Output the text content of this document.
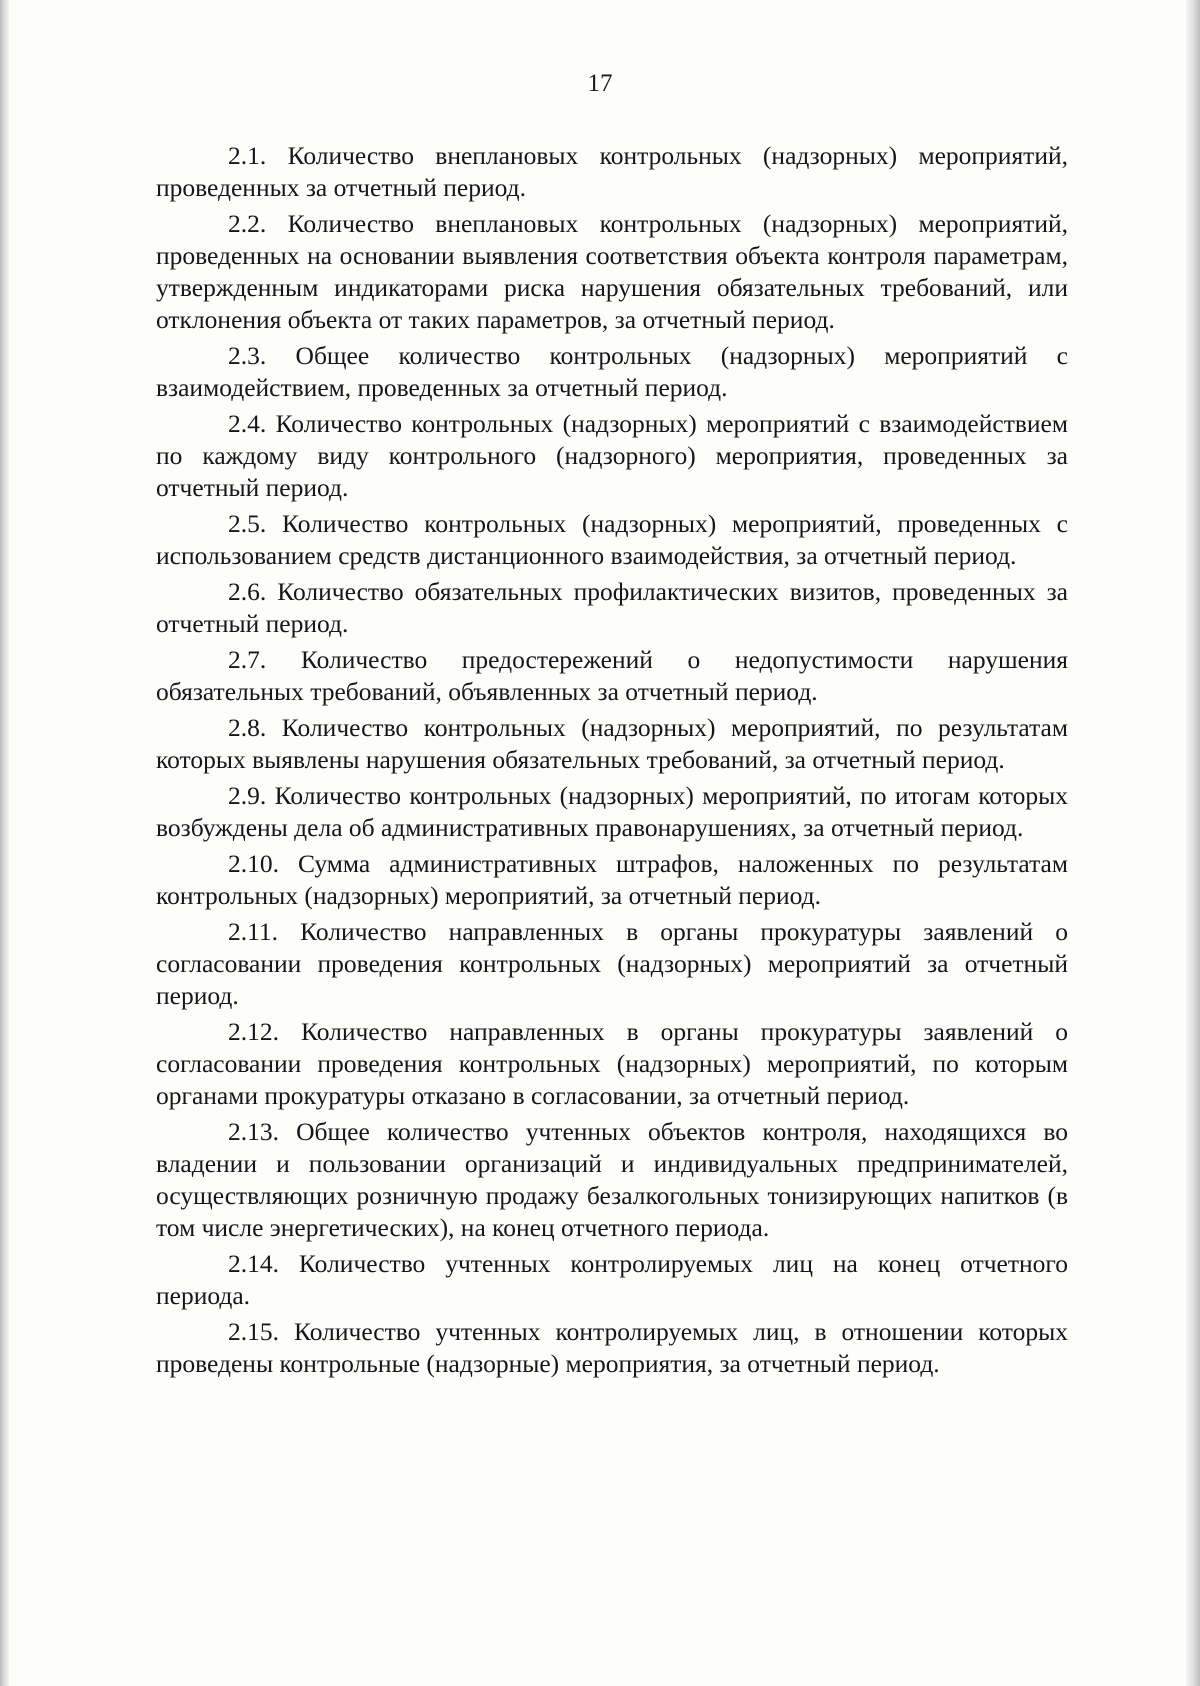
17

2.1. Количество внеплановых контрольных (надзорных) мероприятий, проведенных за отчетный период.

2.2. Количество внеплановых контрольных (надзорных) мероприятий, проведенных на основании выявления соответствия объекта контроля параметрам, утвержденным индикаторами риска нарушения обязательных требований, или отклонения объекта от таких параметров, за отчетный период.

2.3. Общее количество контрольных (надзорных) мероприятий с взаимодействием, проведенных за отчетный период.

2.4. Количество контрольных (надзорных) мероприятий с взаимодействием по каждому виду контрольного (надзорного) мероприятия, проведенных за отчетный период.

2.5. Количество контрольных (надзорных) мероприятий, проведенных с использованием средств дистанционного взаимодействия, за отчетный период.

2.6. Количество обязательных профилактических визитов, проведенных за отчетный период.

2.7. Количество предостережений о недопустимости нарушения обязательных требований, объявленных за отчетный период.

2.8. Количество контрольных (надзорных) мероприятий, по результатам которых выявлены нарушения обязательных требований, за отчетный период.

2.9. Количество контрольных (надзорных) мероприятий, по итогам которых возбуждены дела об административных правонарушениях, за отчетный период.

2.10. Сумма административных штрафов, наложенных по результатам контрольных (надзорных) мероприятий, за отчетный период.

2.11. Количество направленных в органы прокуратуры заявлений о согласовании проведения контрольных (надзорных) мероприятий за отчетный период.

2.12. Количество направленных в органы прокуратуры заявлений о согласовании проведения контрольных (надзорных) мероприятий, по которым органами прокуратуры отказано в согласовании, за отчетный период.

2.13. Общее количество учтенных объектов контроля, находящихся во владении и пользовании организаций и индивидуальных предпринимателей, осуществляющих розничную продажу безалкогольных тонизирующих напитков (в том числе энергетических), на конец отчетного периода.

2.14. Количество учтенных контролируемых лиц на конец отчетного периода.

2.15. Количество учтенных контролируемых лиц, в отношении которых проведены контрольные (надзорные) мероприятия, за отчетный период.
